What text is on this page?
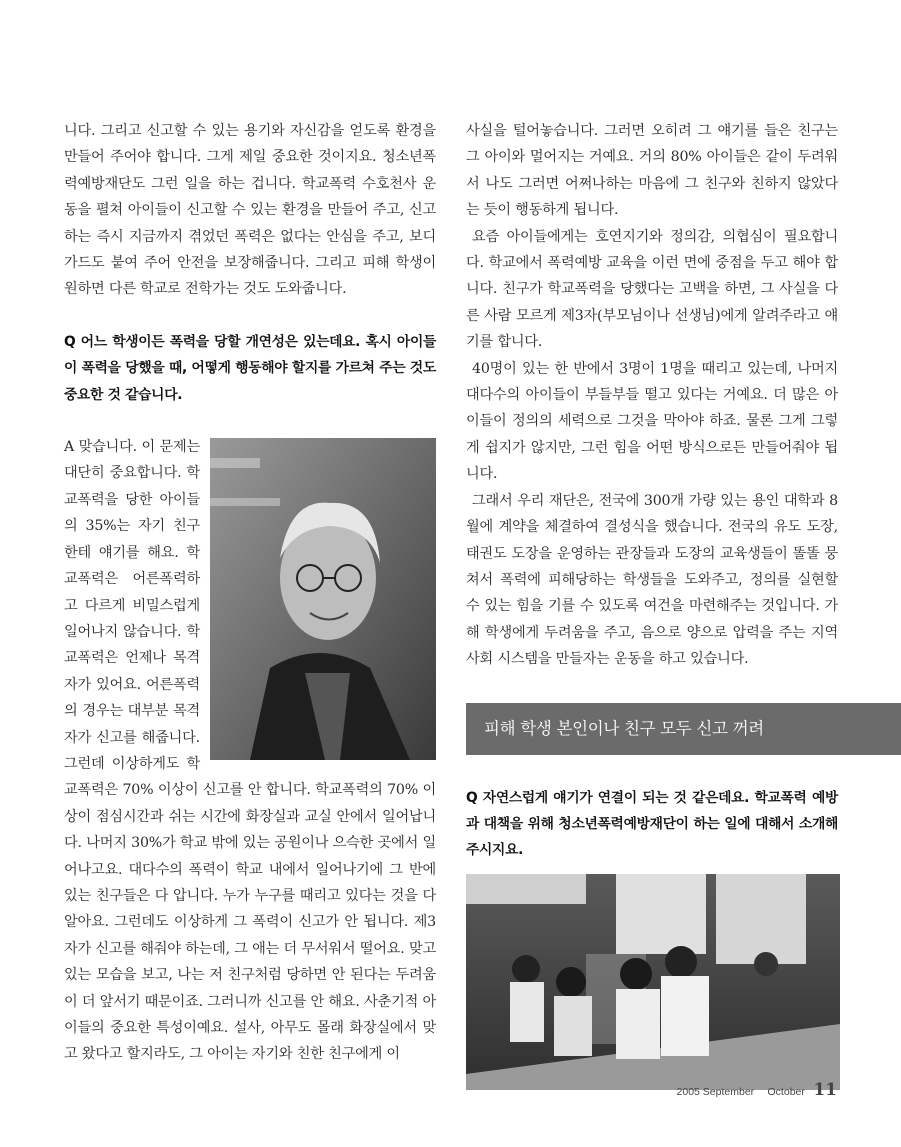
니다. 그리고 신고할 수 있는 용기와 자신감을 얻도록 환경을 만들어 주어야 합니다. 그게 제일 중요한 것이지요. 청소년폭력예방재단도 그런 일을 하는 겁니다. 학교폭력 수호천사 운동을 펼쳐 아이들이 신고할 수 있는 환경을 만들어 주고, 신고하는 즉시 지금까지 겪었던 폭력은 없다는 안심을 주고, 보디가드도 붙여 주어 안전을 보장해줍니다. 그리고 피해 학생이 원하면 다른 학교로 전학가는 것도 도와줍니다.

Q 어느 학생이든 폭력을 당할 개연성은 있는데요. 혹시 아이들이 폭력을 당했을 때, 어떻게 행동해야 할지를 가르쳐 주는 것도 중요한 것 같습니다.

A 맞습니다. 이 문제는 대단히 중요합니다. 학교폭력을 당한 아이들의 35%는 자기 친구한테 얘기를 해요. 학교폭력은 어른폭력하고 다르게 비밀스럽게 일어나지 않습니다. 학교폭력은 언제나 목격자가 있어요. 어른폭력의 경우는 대부분 목격자가 신고를 해줍니다. 그런데 이상하게도 학교폭력은 70% 이상이 신고를 안 합니다. 학교폭력의 70% 이상이 점심시간과 쉬는 시간에 화장실과 교실 안에서 일어납니다. 나머지 30%가 학교 밖에 있는 공원이나 으슥한 곳에서 일어나고요. 대다수의 폭력이 학교 내에서 일어나기에 그 반에 있는 친구들은 다 압니다. 누가 누구를 때리고 있다는 것을 다 알아요. 그런데도 이상하게 그 폭력이 신고가 안 됩니다. 제3자가 신고를 해줘야 하는데, 그 애는 더 무서워서 떨어요. 맞고 있는 모습을 보고, 나는 저 친구처럼 당하면 안 된다는 두려움이 더 앞서기 때문이죠. 그러니까 신고를 안 해요. 사춘기적 아이들의 중요한 특성이예요. 설사, 아무도 몰래 화장실에서 맞고 왔다고 할지라도, 그 아이는 자기와 친한 친구에게 이

사실을 털어놓습니다. 그러면 오히려 그 얘기를 들은 친구는 그 아이와 멀어지는 거예요. 거의 80% 아이들은 같이 두려워서 나도 그러면 어쩌나하는 마음에 그 친구와 친하지 않았다는 듯이 행동하게 됩니다.

요즘 아이들에게는 호연지기와 정의감, 의협심이 필요합니다. 학교에서 폭력예방 교육을 이런 면에 중점을 두고 해야 합니다. 친구가 학교폭력을 당했다는 고백을 하면, 그 사실을 다른 사람 모르게 제3자(부모님이나 선생님)에게 알려주라고 얘기를 합니다.

40명이 있는 한 반에서 3명이 1명을 때리고 있는데, 나머지 대다수의 아이들이 부들부들 떨고 있다는 거예요. 더 많은 아이들이 정의의 세력으로 그것을 막아야 하죠. 물론 그게 그렇게 쉽지가 않지만, 그런 힘을 어떤 방식으로든 만들어줘야 됩니다.

그래서 우리 재단은, 전국에 300개 가량 있는 용인 대학과 8월에 계약을 체결하여 결성식을 했습니다. 전국의 유도 도장, 태권도 도장을 운영하는 관장들과 도장의 교육생들이 똘똘 뭉쳐서 폭력에 피해당하는 학생들을 도와주고, 정의를 실현할 수 있는 힘을 기를 수 있도록 여건을 마련해주는 것입니다. 가해 학생에게 두려움을 주고, 음으로 양으로 압력을 주는 지역사회 시스템을 만들자는 운동을 하고 있습니다.

피해 학생 본인이나 친구 모두 신고 꺼려

Q 자연스럽게 얘기가 연결이 되는 것 같은데요. 학교폭력 예방과 대책을 위해 청소년폭력예방재단이 하는 일에 대해서 소개해 주시지요.

2005 September October 11
